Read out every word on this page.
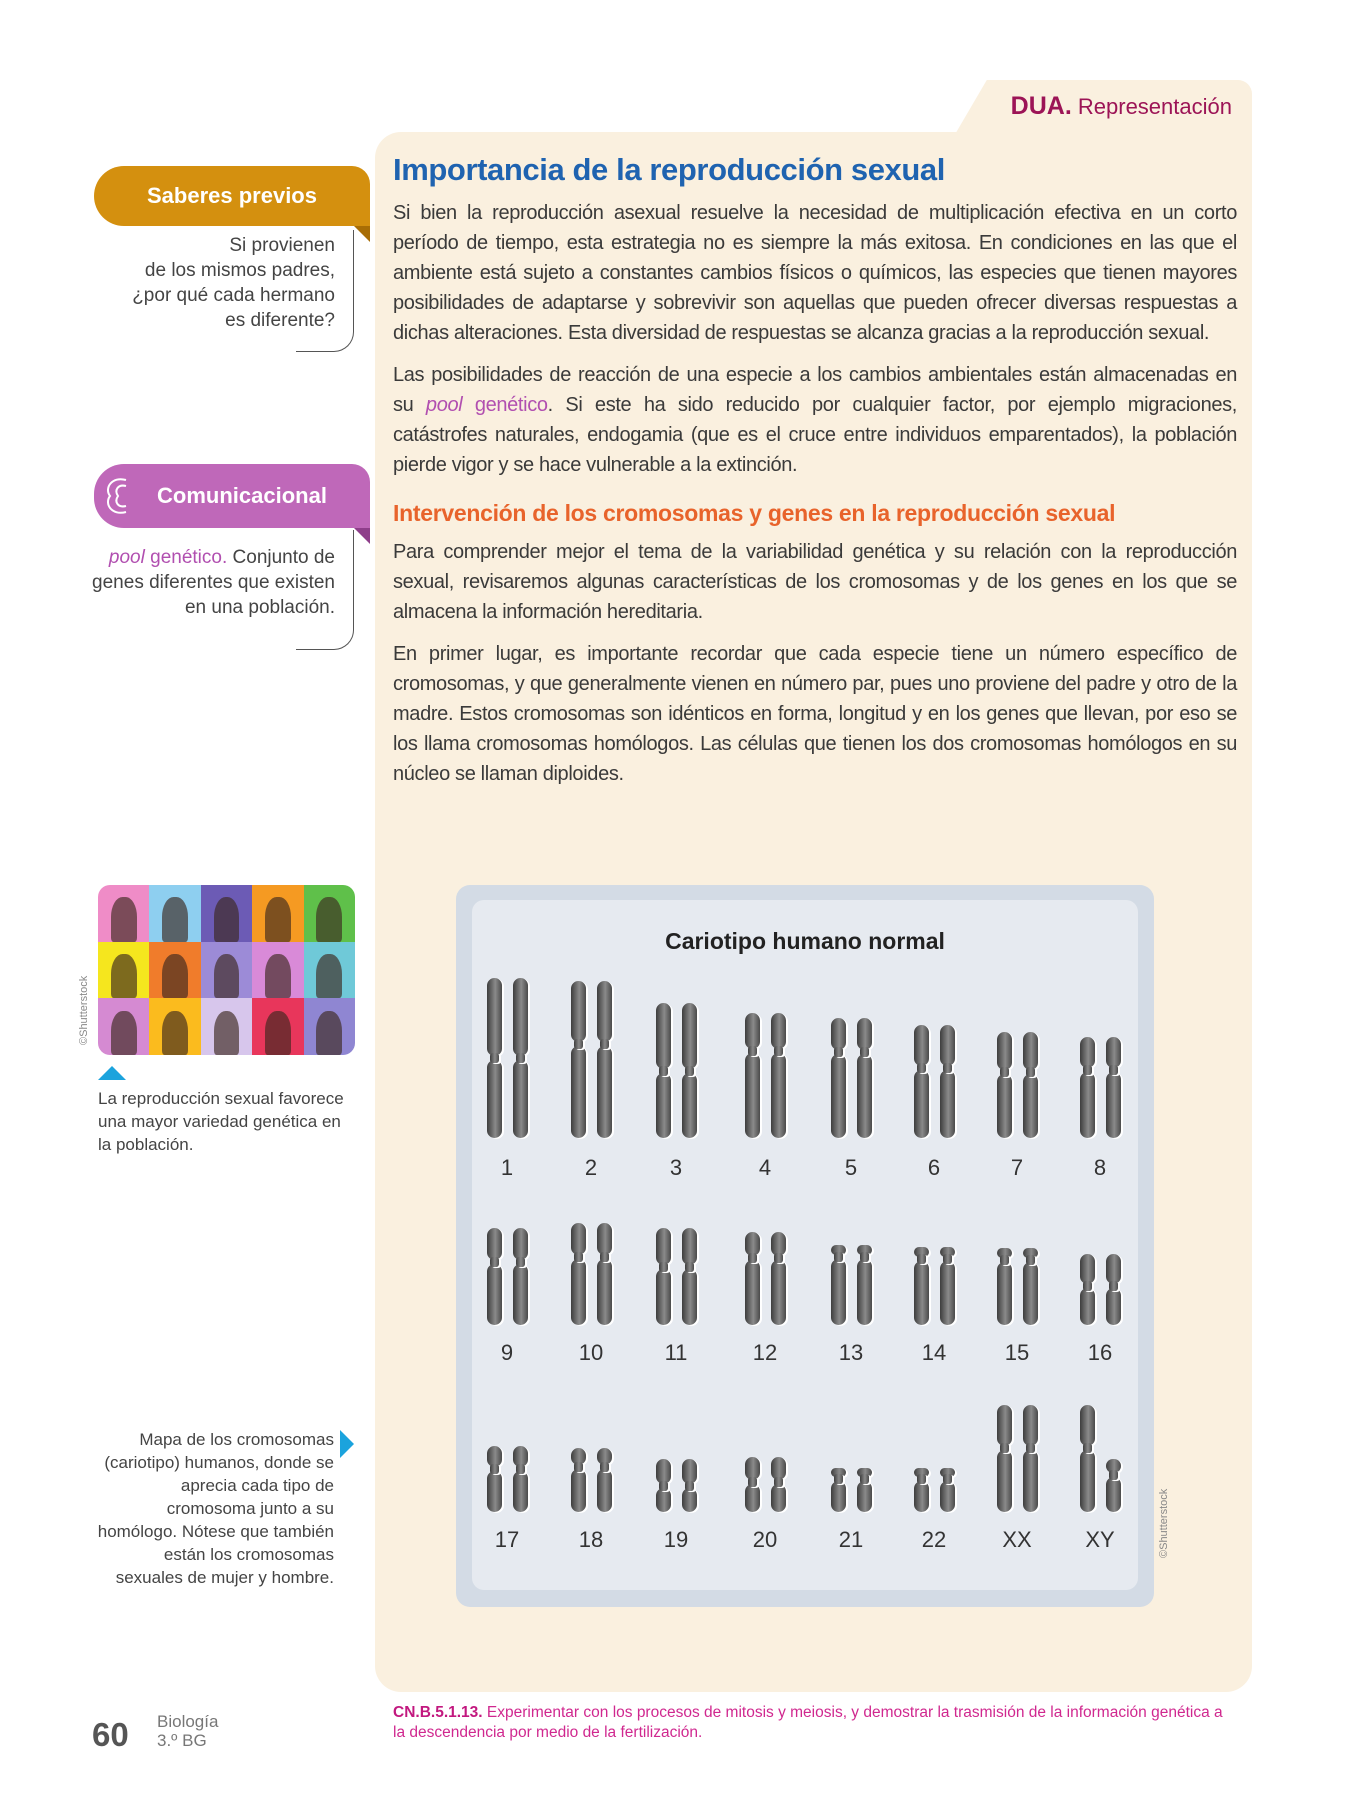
DUA. Representación
Importancia de la reproducción sexual

Si bien la reproducción asexual resuelve la necesidad de multiplicación efectiva en un corto período de tiempo, esta estrategia no es siempre la más exitosa. En condiciones en las que el ambiente está sujeto a constantes cambios físicos o químicos, las especies que tienen mayores posibilidades de adaptarse y sobrevivir son aquellas que pueden ofrecer diversas respuestas a dichas alteraciones. Esta diversidad de respuestas se alcanza gracias a la reproducción sexual.

Las posibilidades de reacción de una especie a los cambios ambientales están almacenadas en su pool genético. Si este ha sido reducido por cualquier factor, por ejemplo migraciones, catástrofes naturales, endogamia (que es el cruce entre individuos emparentados), la población pierde vigor y se hace vulnerable a la extinción.

Intervención de los cromosomas y genes en la reproducción sexual

Para comprender mejor el tema de la variabilidad genética y su relación con la reproducción sexual, revisaremos algunas características de los cromosomas y de los genes en los que se almacena la información hereditaria.

En primer lugar, es importante recordar que cada especie tiene un número específico de cromosomas, y que generalmente vienen en número par, pues uno proviene del padre y otro de la madre. Estos cromosomas son idénticos en forma, longitud y en los genes que llevan, por eso se los llama cromosomas homólogos. Las células que tienen los dos cromosomas homólogos en su núcleo se llaman diploides.

Saberes previos
Si provienen
de los mismos padres,
¿por qué cada hermano
es diferente?
Comunicacional
pool genético. Conjunto de genes diferentes que existen en una población.
©Shutterstock
La reproducción sexual favorece una mayor variedad genética en la población.
Mapa de los cromosomas (cariotipo) humanos, donde se aprecia cada tipo de cromosoma junto a su homólogo. Nótese que también están los cromosomas sexuales de mujer y hombre.
Cariotipo humano normal
1	2	3	4	5	6	7	8
9	10	11	12	13	14	15	16
17	18	19	20	21	22	XX	XY	©Shutterstock
60 Biología
3.º BG
CN.B.5.1.13. Experimentar con los procesos de mitosis y meiosis, y demostrar la trasmisión de la información genética a la descendencia por medio de la fertilización.
